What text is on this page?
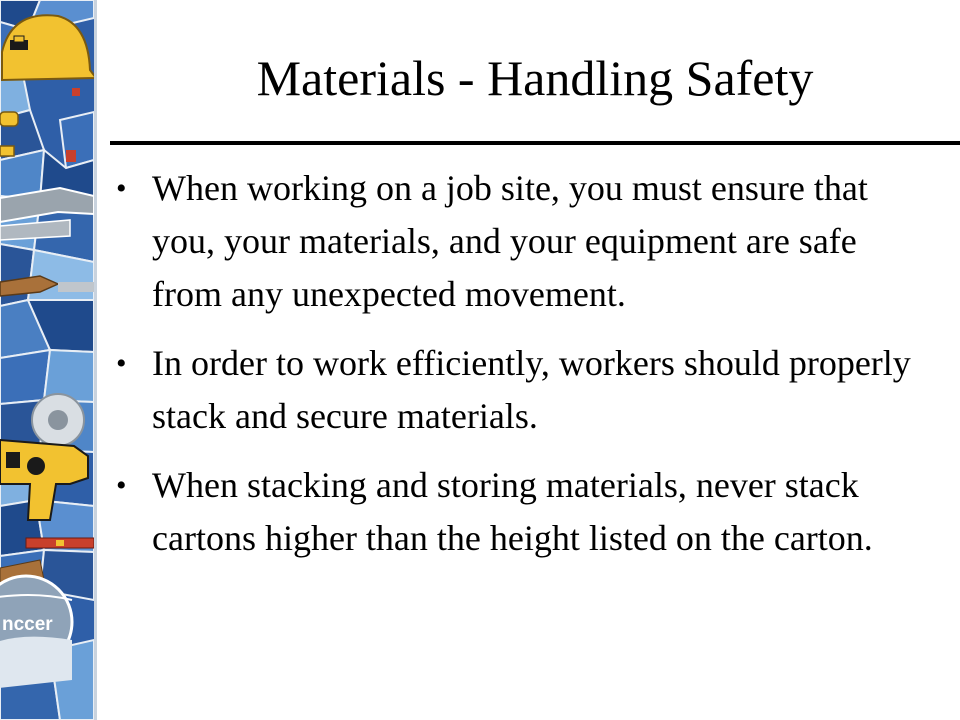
nccer
Materials - Handling Safety
• When working on a job site, you must ensure that you, your materials, and your equipment are safe from any unexpected movement.
• In order to work efficiently, workers should properly stack and secure materials.
• When stacking and storing materials, never stack cartons higher than the height listed on the carton.
